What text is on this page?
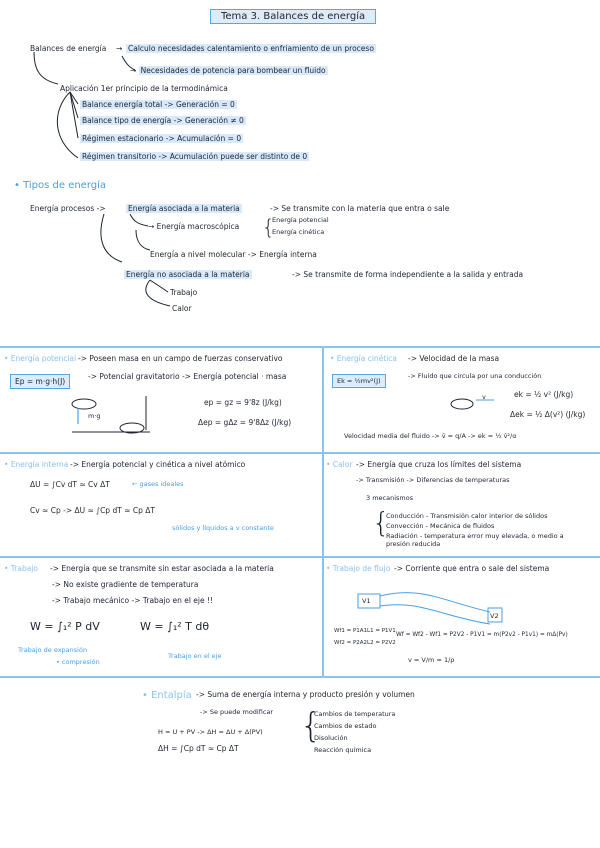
Tema 3. Balances de energía
Balances de energía → Calculo necesidades calentamiento o enfriamiento de un proceso
→ Necesidades de potencia para bombear un fluido
Aplicación 1er principio de la termodinámica
Balance energía total -> Generación = 0
Balance tipo de energía -> Generación ≠ 0
Régimen estacionario -> Acumulación = 0
Régimen transitorio -> Acumulación puede ser distinto de 0
• Tipos de energía
Energía procesos ->	Energía asociada a la materia	-> Se transmite con la materia que entra o sale
→ Energía macroscópica {
Energía potencial
Energía cinética
Energía a nivel molecular -> Energía interna
Energía no asociada a la materia	-> Se transmite de forma independiente a la salida y entrada
Trabajo
Calor
• Energía potencial -> Poseen masa en un campo de fuerzas conservativo
Ep = m·g·h(J)
-> Potencial gravitatorio -> Energía potencial · masa
m·g
ep = gz = 9'8z (J/kg)
Δep = gΔz = 9'8Δz (J/kg)
• Energía cinética -> Velocidad de la masa
Ek = ½mv²(J)
-> Fluido que circula por una conducción
v	ek = ½ v² (J/kg)
Δek = ½ Δ(v²) (J/kg)
Velocidad media del fluido -> v̄ = q/A -> ek = ½ v̄²/α
• Energía interna -> Energía potencial y cinética a nivel atómico
ΔU = ∫Cv dT ≈ Cv ΔT	← gases ideales
Cv ≈ Cp -> ΔU ≈ ∫Cp dT ≈ Cp ΔT
sólidos y líquidos a v constante
• Calor -> Energía que cruza los límites del sistema
-> Transmisión -> Diferencias de temperaturas
3 mecanismos
{
Conducción - Transmisión calor interior de sólidos
Convección - Mecánica de fluidos
Radiación - temperatura error muy elevada, o medio a presión reducida
• Trabajo -> Energía que se transmite sin estar asociada a la materia
-> No existe gradiente de temperatura
-> Trabajo mecánico -> Trabajo en el eje !!
W = ∫₁² P dV	W = ∫₁² T dθ
Trabajo de expansión
• compresión
Trabajo en el eje
• Trabajo de flujo -> Corriente que entra o sale del sistema
V1
V2
Wf1 = P1A1L1 = P1V1
Wf2 = P2A2L2 = P2V2
Wf = Wf2 - Wf1 = P2V2 - P1V1 = m(P2v2 - P1v1) = mΔ(Pv)
v = V/m = 1/ρ
• Entalpía -> Suma de energía interna y producto presión y volumen
-> Se puede modificar {
Cambios de temperatura
Cambios de estado
Disolución
Reacción química
H = U + PV -> ΔH = ΔU + Δ(PV)
ΔH = ∫Cp dT ≈ Cp ΔT
